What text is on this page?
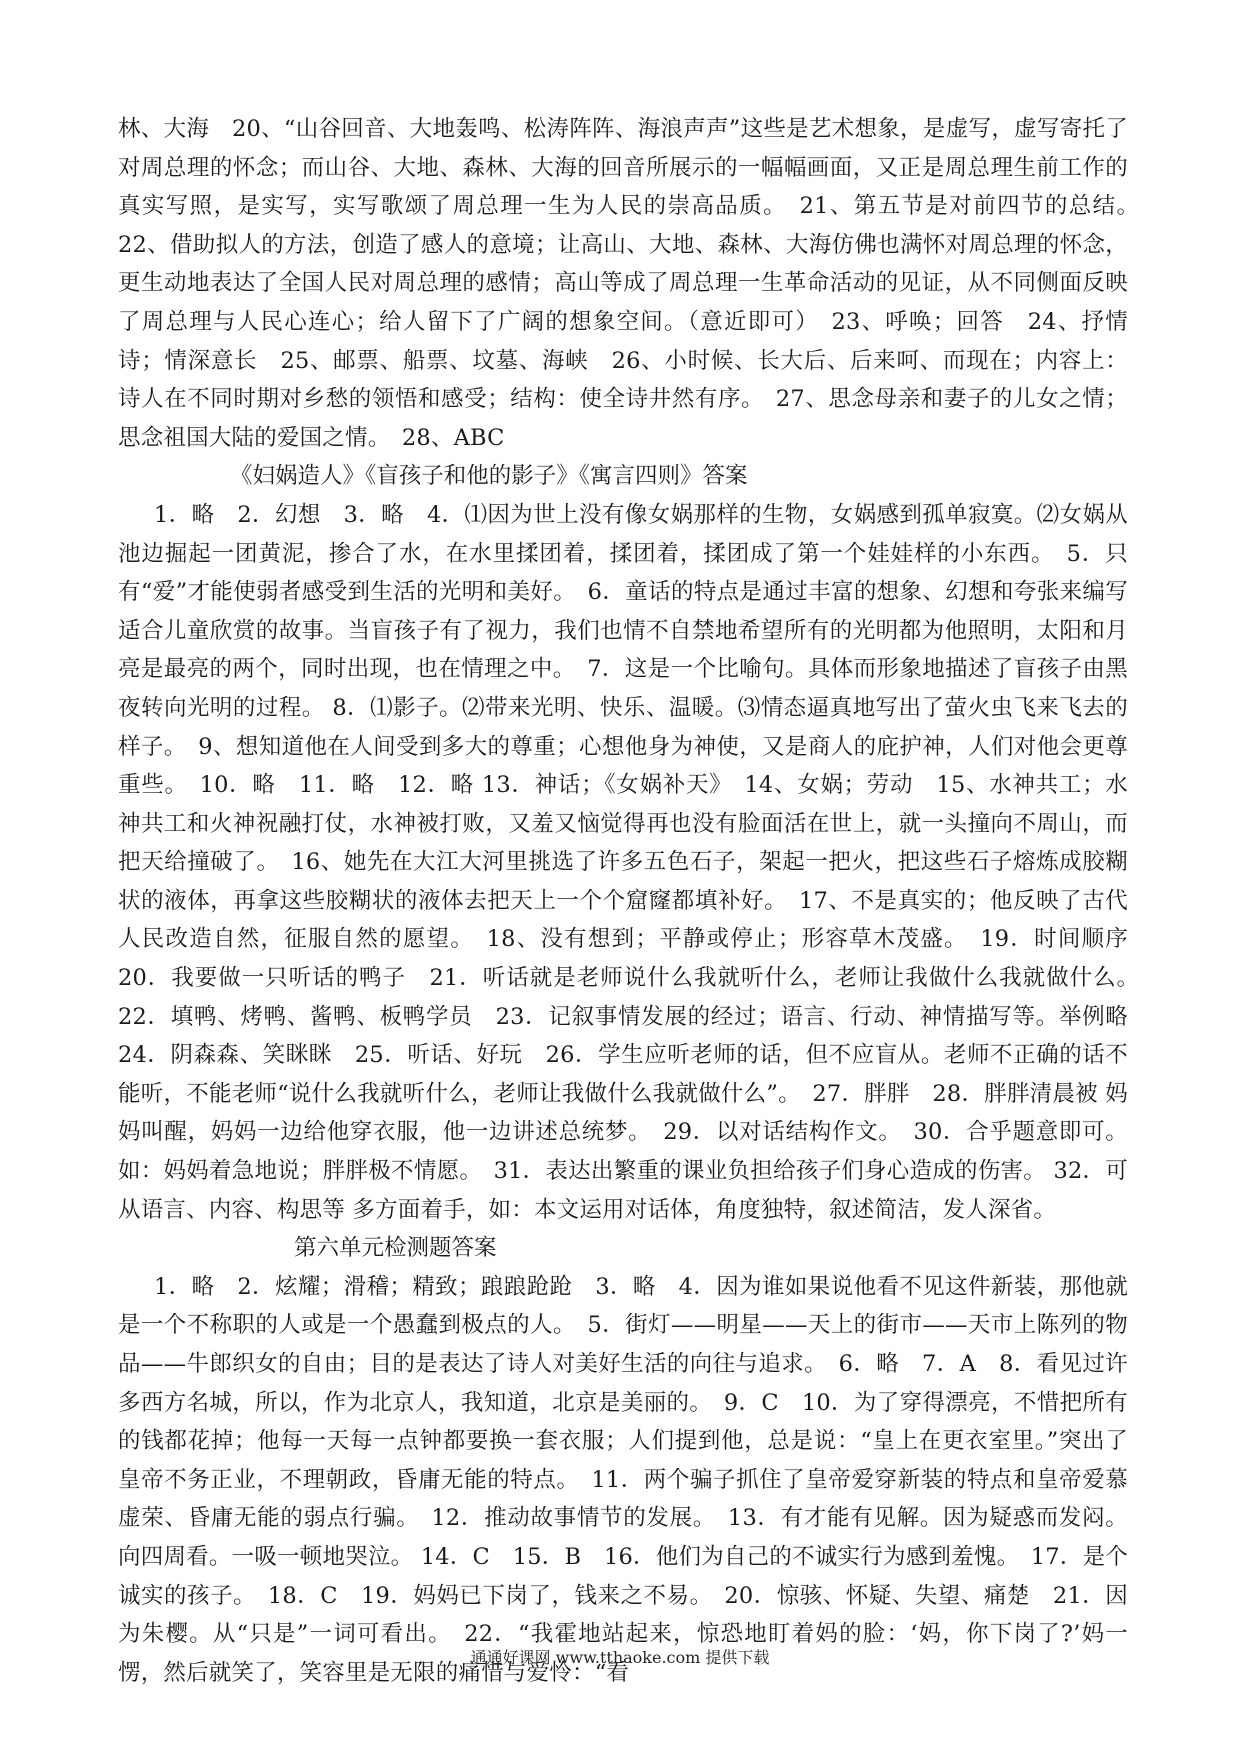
林、大海　20、“山谷回音、大地轰鸣、松涛阵阵、海浪声声”这些是艺术想象，是虚写，虚写寄托了对周总理的怀念；而山谷、大地、森林、大海的回音所展示的一幅幅画面，又正是周总理生前工作的真实写照，是实写，实写歌颂了周总理一生为人民的崇高品质。　21、第五节是对前四节的总结。　22、借助拟人的方法，创造了感人的意境；让高山、大地、森林、大海仿佛也满怀对周总理的怀念，更生动地表达了全国人民对周总理的感情；高山等成了周总理一生革命活动的见证，从不同侧面反映了周总理与人民心连心；给人留下了广阔的想象空间。（意近即可）　23、呼唤；回答　24、抒情诗；情深意长　25、邮票、船票、坟墓、海峡　26、小时候、长大后、后来呵、而现在；内容上：诗人在不同时期对乡愁的领悟和感受；结构：使全诗井然有序。　27、思念母亲和妻子的儿女之情；思念祖国大陆的爱国之情。　28、ABC

《妇娲造人》《盲孩子和他的影子》《寓言四则》答案

1．略　2．幻想　3．略　4．⑴因为世上没有像女娲那样的生物，女娲感到孤单寂寞。⑵女娲从池边掘起一团黄泥，掺合了水，在水里揉团着，揉团着，揉团成了第一个娃娃样的小东西。　5．只有“爱”才能使弱者感受到生活的光明和美好。　6．童话的特点是通过丰富的想象、幻想和夸张来编写适合儿童欣赏的故事。当盲孩子有了视力，我们也情不自禁地希望所有的光明都为他照明，太阳和月亮是最亮的两个，同时出现，也在情理之中。　7．这是一个比喻句。具体而形象地描述了盲孩子由黑夜转向光明的过程。 8．⑴影子。⑵带来光明、快乐、温暖。⑶情态逼真地写出了萤火虫飞来飞去的样子。　9、想知道他在人间受到多大的尊重；心想他身为神使，又是商人的庇护神，人们对他会更尊重些。　10．略　11．略　12．略 13．神话；《女娲补天》　14、女娲；劳动　15、水神共工；水神共工和火神祝融打仗，水神被打败，又羞又恼觉得再也没有脸面活在世上，就一头撞向不周山，而把天给撞破了。　16、她先在大江大河里挑选了许多五色石子，架起一把火，把这些石子熔炼成胶糊状的液体，再拿这些胶糊状的液体去把天上一个个窟窿都填补好。　17、不是真实的；他反映了古代人民改造自然，征服自然的愿望。　18、没有想到；平静或停止；形容草木茂盛。　19．时间顺序　20．我要做一只听话的鸭子　21．听话就是老师说什么我就听什么，老师让我做什么我就做什么。　22．填鸭、烤鸭、酱鸭、板鸭学员　23．记叙事情发展的经过；语言、行动、神情描写等。举例略　24．阴森森、笑眯眯　25．听话、好玩　26．学生应听老师的话，但不应盲从。老师不正确的话不能听，不能老师“说什么我就听什么，老师让我做什么我就做什么”。　27．胖胖　28．胖胖清晨被 妈妈叫醒，妈妈一边给他穿衣服，他一边讲述总统梦。　29．以对话结构作文。　30．合乎题意即可。如：妈妈着急地说；胖胖极不情愿。　31．表达出繁重的课业负担给孩子们身心造成的伤害。 32．可从语言、内容、构思等 多方面着手，如：本文运用对话体，角度独特，叙述简洁，发人深省。

第六单元检测题答案

1．略　2．炫耀；滑稽；精致；踉踉跄跄　3．略　4．因为谁如果说他看不见这件新装，那他就是一个不称职的人或是一个愚蠢到极点的人。　5．街灯——明星——天上的街市——天市上陈列的物品——牛郎织女的自由；目的是表达了诗人对美好生活的向往与追求。　6．略　7．A　8．看见过许多西方名城，所以，作为北京人，我知道，北京是美丽的。　9．C　10．为了穿得漂亮，不惜把所有的钱都花掉；他每一天每一点钟都要换一套衣服；人们提到他，总是说：“皇上在更衣室里。”突出了皇帝不务正业，不理朝政，昏庸无能的特点。　11．两个骗子抓住了皇帝爱穿新装的特点和皇帝爱慕虚荣、昏庸无能的弱点行骗。　12．推动故事情节的发展。　13．有才能有见解。因为疑惑而发闷。向四周看。一吸一顿地哭泣。 14．C　15．B　16．他们为自己的不诚实行为感到羞愧。　17．是个诚实的孩子。　18．C　19．妈妈已下岗了，钱来之不易。　20．惊骇、怀疑、失望、痛楚　21．因为朱樱。从“只是”一词可看出。　22．“我霍地站起来，惊恐地盯着妈的脸：‘妈，你下岗了?’妈一愣，然后就笑了，笑容里是无限的痛惜与爱怜：“看

通通好课网 www.tthaoke.com 提供下载
